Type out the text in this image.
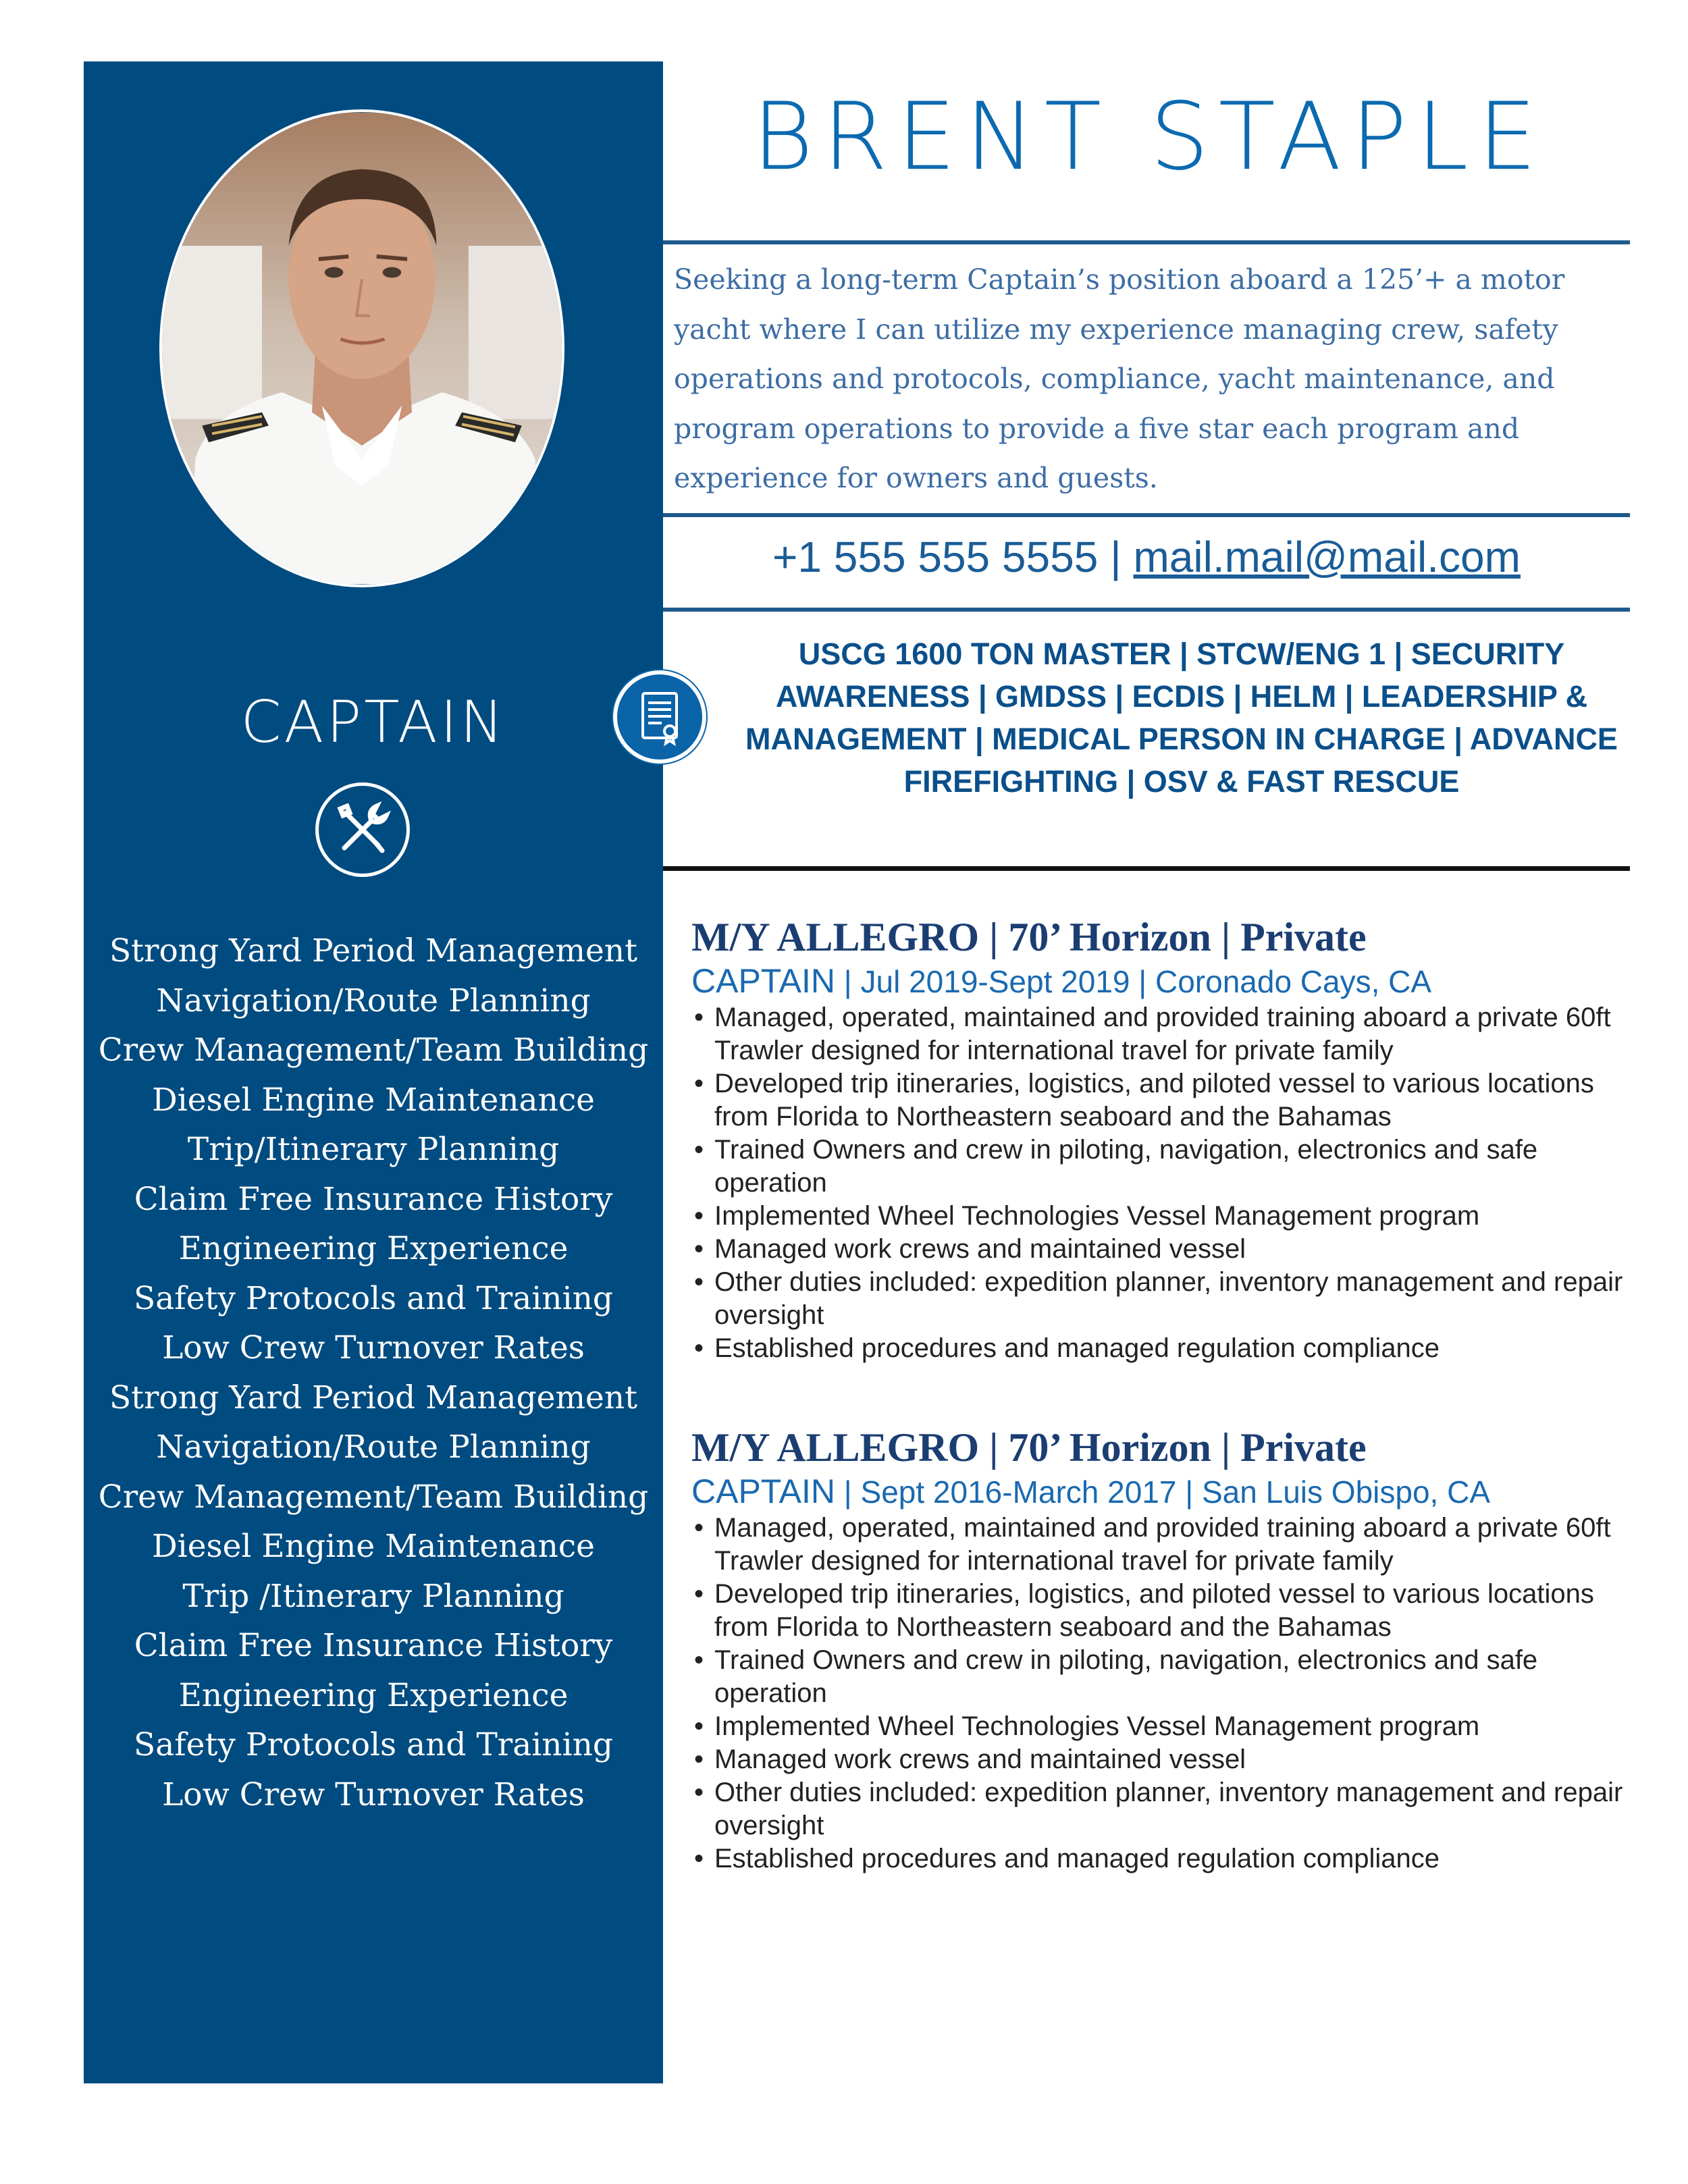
CAPTAIN
Strong Yard Period Management
Navigation/Route Planning
Crew Management/Team Building
Diesel Engine Maintenance
Trip/Itinerary Planning
Claim Free Insurance History
Engineering Experience
Safety Protocols and Training
Low Crew Turnover Rates
Strong Yard Period Management
Navigation/Route Planning
Crew Management/Team Building
Diesel Engine Maintenance
Trip /Itinerary Planning
Claim Free Insurance History
Engineering Experience
Safety Protocols and Training
Low Crew Turnover Rates
BRENT STAPLE

Seeking a long-term Captain’s position aboard a 125’+ a motor yacht where I can utilize my experience managing crew, safety operations and protocols, compliance, yacht maintenance, and program operations to provide a five star each program and experience for owners and guests.

+1 555 555 5555 | mail.mail@mail.com

USCG 1600 TON MASTER | STCW/ENG 1 | SECURITY AWARENESS | GMDSS | ECDIS | HELM | LEADERSHIP & MANAGEMENT | MEDICAL PERSON IN CHARGE | ADVANCE FIREFIGHTING | OSV & FAST RESCUE

M/Y ALLEGRO | 70’ Horizon | Private

CAPTAIN | Jul 2019-Sept 2019 | Coronado Cays, CA

• Managed, operated, maintained and provided training aboard a private 60ft Trawler designed for international travel for private family
• Developed trip itineraries, logistics, and piloted vessel to various locations from Florida to Northeastern seaboard and the Bahamas
• Trained Owners and crew in piloting, navigation, electronics and safe operation
• Implemented Wheel Technologies Vessel Management program
• Managed work crews and maintained vessel
• Other duties included: expedition planner, inventory management and repair oversight
• Established procedures and managed regulation compliance
M/Y ALLEGRO | 70’ Horizon | Private

CAPTAIN | Sept 2016-March 2017 | San Luis Obispo, CA

• Managed, operated, maintained and provided training aboard a private 60ft Trawler designed for international travel for private family
• Developed trip itineraries, logistics, and piloted vessel to various locations from Florida to Northeastern seaboard and the Bahamas
• Trained Owners and crew in piloting, navigation, electronics and safe operation
• Implemented Wheel Technologies Vessel Management program
• Managed work crews and maintained vessel
• Other duties included: expedition planner, inventory management and repair oversight
• Established procedures and managed regulation compliance
